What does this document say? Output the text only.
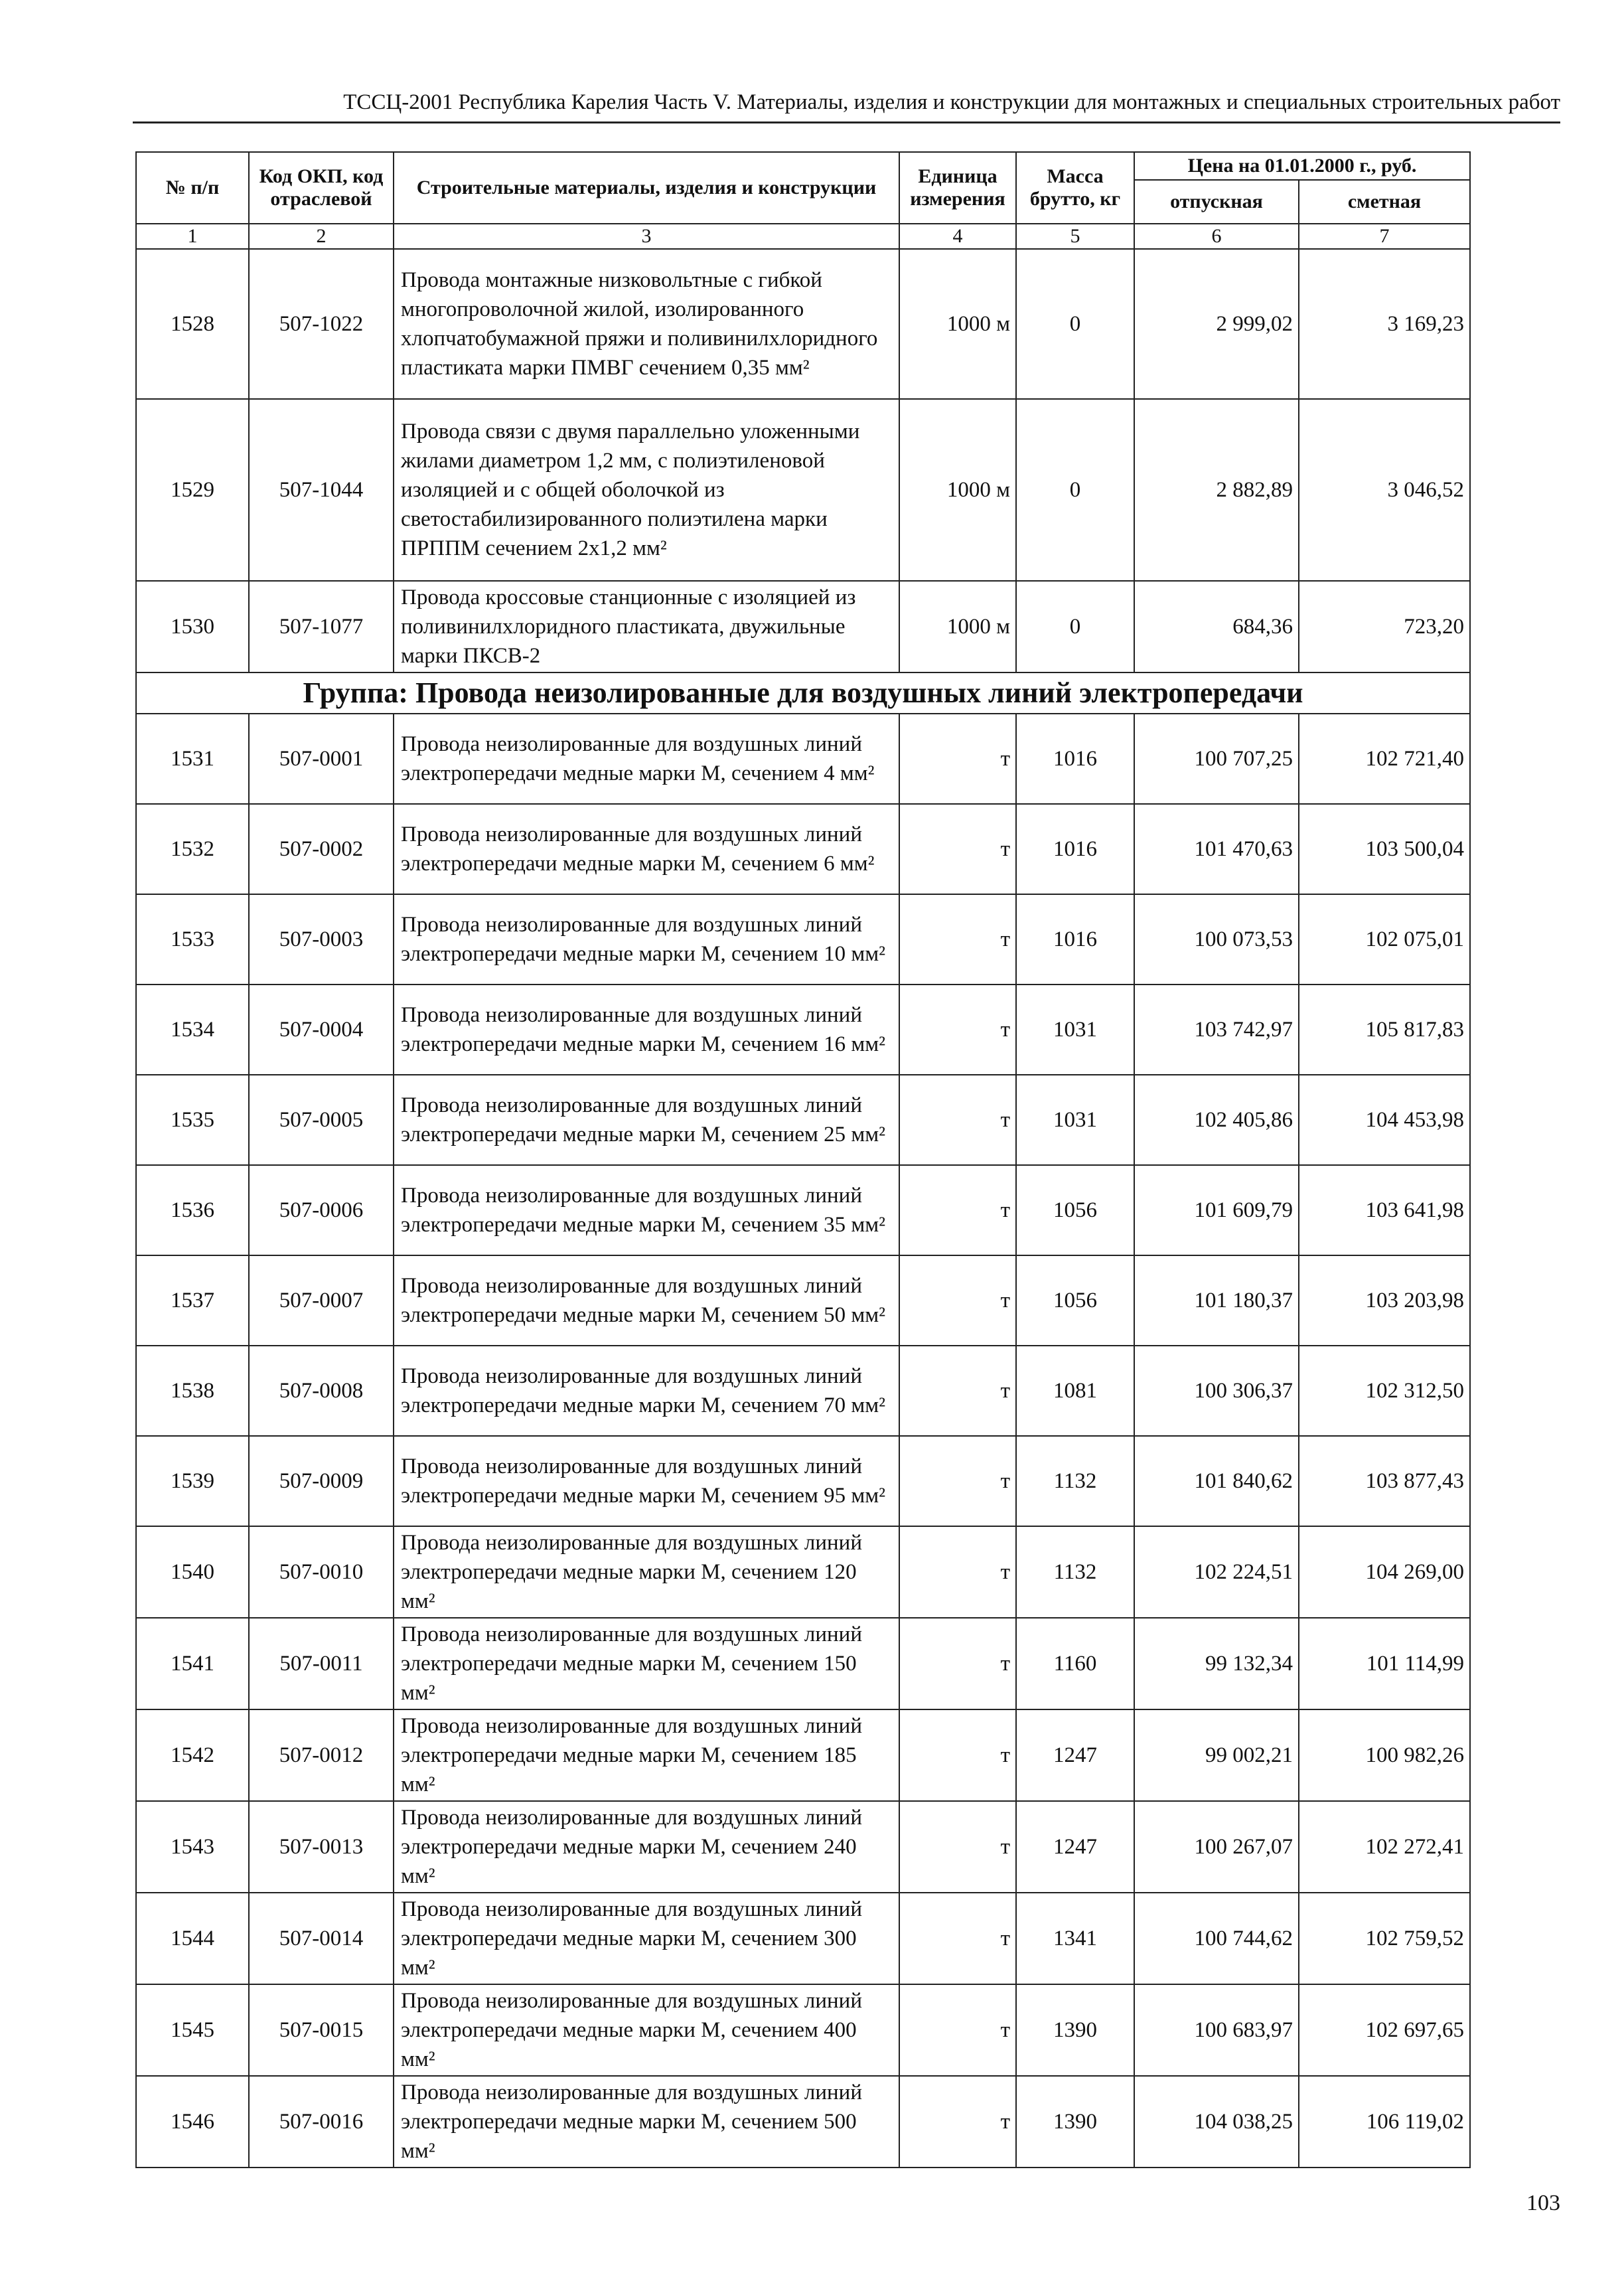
ТССЦ-2001 Республика Карелия Часть V. Материалы, изделия и конструкции для монтажных и специальных строительных работ
№ п/п	Код ОКП, код отраслевой	Строительные материалы, изделия и конструкции	Единица измерения	Масса брутто, кг	Цена на 01.01.2000 г., руб.	
					отпускная	сметная
1	2	3	4	5	6	7
1528	507-1022	Провода монтажные низковольтные с гибкой многопроволочной жилой, изолированного хлопчатобумажной пряжи и поливинилхлоридного пластиката марки ПМВГ сечением 0,35 мм²	1000 м	0	2 999,02	3 169,23
1529	507-1044	Провода связи с двумя параллельно уложенными жилами диаметром 1,2 мм, с полиэтиленовой изоляцией и с общей оболочкой из светостабилизированного полиэтилена марки ПРППМ сечением 2х1,2 мм²	1000 м	0	2 882,89	3 046,52
1530	507-1077	Провода кроссовые станционные с изоляцией из поливинилхлоридного пластиката, двужильные марки ПКСВ-2	1000 м	0	684,36	723,20
Группа: Провода неизолированные для воздушных линий электропередачи						
1531	507-0001	Провода неизолированные для воздушных линий электропередачи медные марки М, сечением 4 мм²	т	1016	100 707,25	102 721,40
1532	507-0002	Провода неизолированные для воздушных линий электропередачи медные марки М, сечением 6 мм²	т	1016	101 470,63	103 500,04
1533	507-0003	Провода неизолированные для воздушных линий электропередачи медные марки М, сечением 10 мм²	т	1016	100 073,53	102 075,01
1534	507-0004	Провода неизолированные для воздушных линий электропередачи медные марки М, сечением 16 мм²	т	1031	103 742,97	105 817,83
1535	507-0005	Провода неизолированные для воздушных линий электропередачи медные марки М, сечением 25 мм²	т	1031	102 405,86	104 453,98
1536	507-0006	Провода неизолированные для воздушных линий электропередачи медные марки М, сечением 35 мм²	т	1056	101 609,79	103 641,98
1537	507-0007	Провода неизолированные для воздушных линий электропередачи медные марки М, сечением 50 мм²	т	1056	101 180,37	103 203,98
1538	507-0008	Провода неизолированные для воздушных линий электропередачи медные марки М, сечением 70 мм²	т	1081	100 306,37	102 312,50
1539	507-0009	Провода неизолированные для воздушных линий электропередачи медные марки М, сечением 95 мм²	т	1132	101 840,62	103 877,43
1540	507-0010	Провода неизолированные для воздушных линий электропередачи медные марки М, сечением 120 мм²	т	1132	102 224,51	104 269,00
1541	507-0011	Провода неизолированные для воздушных линий электропередачи медные марки М, сечением 150 мм²	т	1160	99 132,34	101 114,99
1542	507-0012	Провода неизолированные для воздушных линий электропередачи медные марки М, сечением 185 мм²	т	1247	99 002,21	100 982,26
1543	507-0013	Провода неизолированные для воздушных линий электропередачи медные марки М, сечением 240 мм²	т	1247	100 267,07	102 272,41
1544	507-0014	Провода неизолированные для воздушных линий электропередачи медные марки М, сечением 300 мм²	т	1341	100 744,62	102 759,52
1545	507-0015	Провода неизолированные для воздушных линий электропередачи медные марки М, сечением 400 мм²	т	1390	100 683,97	102 697,65
1546	507-0016	Провода неизолированные для воздушных линий электропередачи медные марки М, сечением 500 мм²	т	1390	104 038,25	106 119,02
103
